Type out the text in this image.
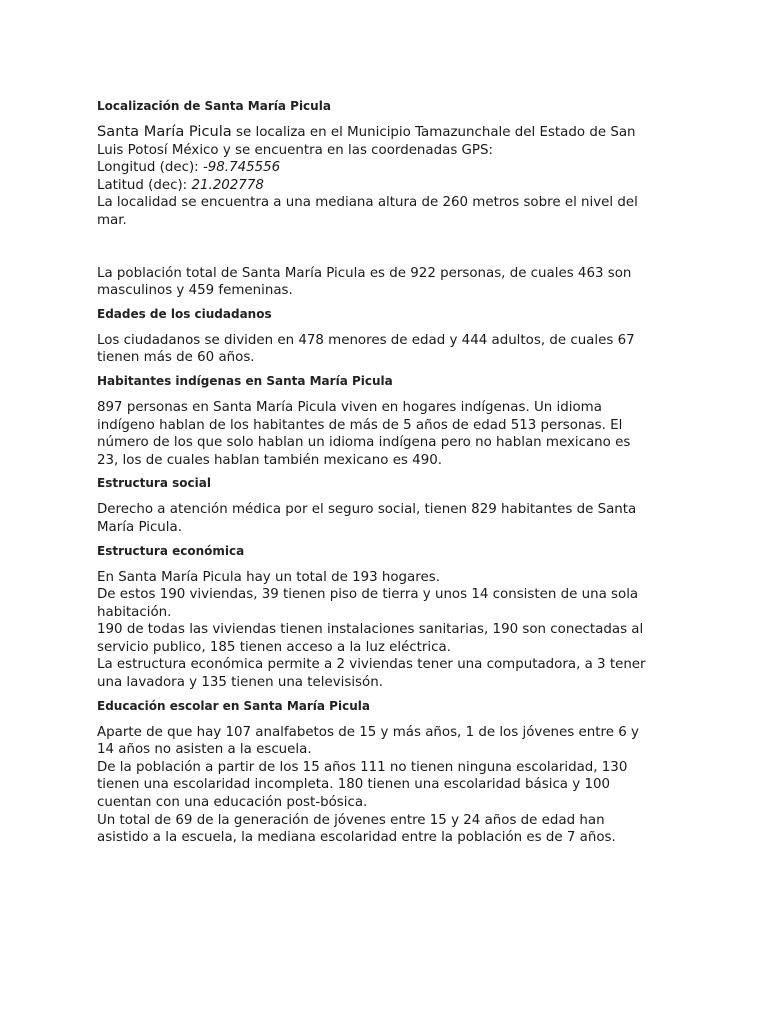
Localización de Santa María Picula

Santa María Picula se localiza en el Municipio Tamazunchale del Estado de San
Luis Potosí México y se encuentra en las coordenadas GPS:
Longitud (dec): -98.745556
Latitud (dec): 21.202778
La localidad se encuentra a una mediana altura de 260 metros sobre el nivel del
mar.

La población total de Santa María Picula es de 922 personas, de cuales 463 son
masculinos y 459 femeninas.

Edades de los ciudadanos

Los ciudadanos se dividen en 478 menores de edad y 444 adultos, de cuales 67
tienen más de 60 años.

Habitantes indígenas en Santa María Picula

897 personas en Santa María Picula viven en hogares indígenas. Un idioma
indígeno hablan de los habitantes de más de 5 años de edad 513 personas. El
número de los que solo hablan un idioma indígena pero no hablan mexicano es
23, los de cuales hablan también mexicano es 490.

Estructura social

Derecho a atención médica por el seguro social, tienen 829 habitantes de Santa
María Picula.

Estructura económica

En Santa María Picula hay un total de 193 hogares.
De estos 190 viviendas, 39 tienen piso de tierra y unos 14 consisten de una sola
habitación.
190 de todas las viviendas tienen instalaciones sanitarias, 190 son conectadas al
servicio publico, 185 tienen acceso a la luz eléctrica.
La estructura económica permite a 2 viviendas tener una computadora, a 3 tener
una lavadora y 135 tienen una televisisón.

Educación escolar en Santa María Picula

Aparte de que hay 107 analfabetos de 15 y más años, 1 de los jóvenes entre 6 y
14 años no asisten a la escuela.
De la población a partir de los 15 años 111 no tienen ninguna escolaridad, 130
tienen una escolaridad incompleta. 180 tienen una escolaridad básica y 100
cuentan con una educación post-bósica.
Un total de 69 de la generación de jóvenes entre 15 y 24 años de edad han
asistido a la escuela, la mediana escolaridad entre la población es de 7 años.
